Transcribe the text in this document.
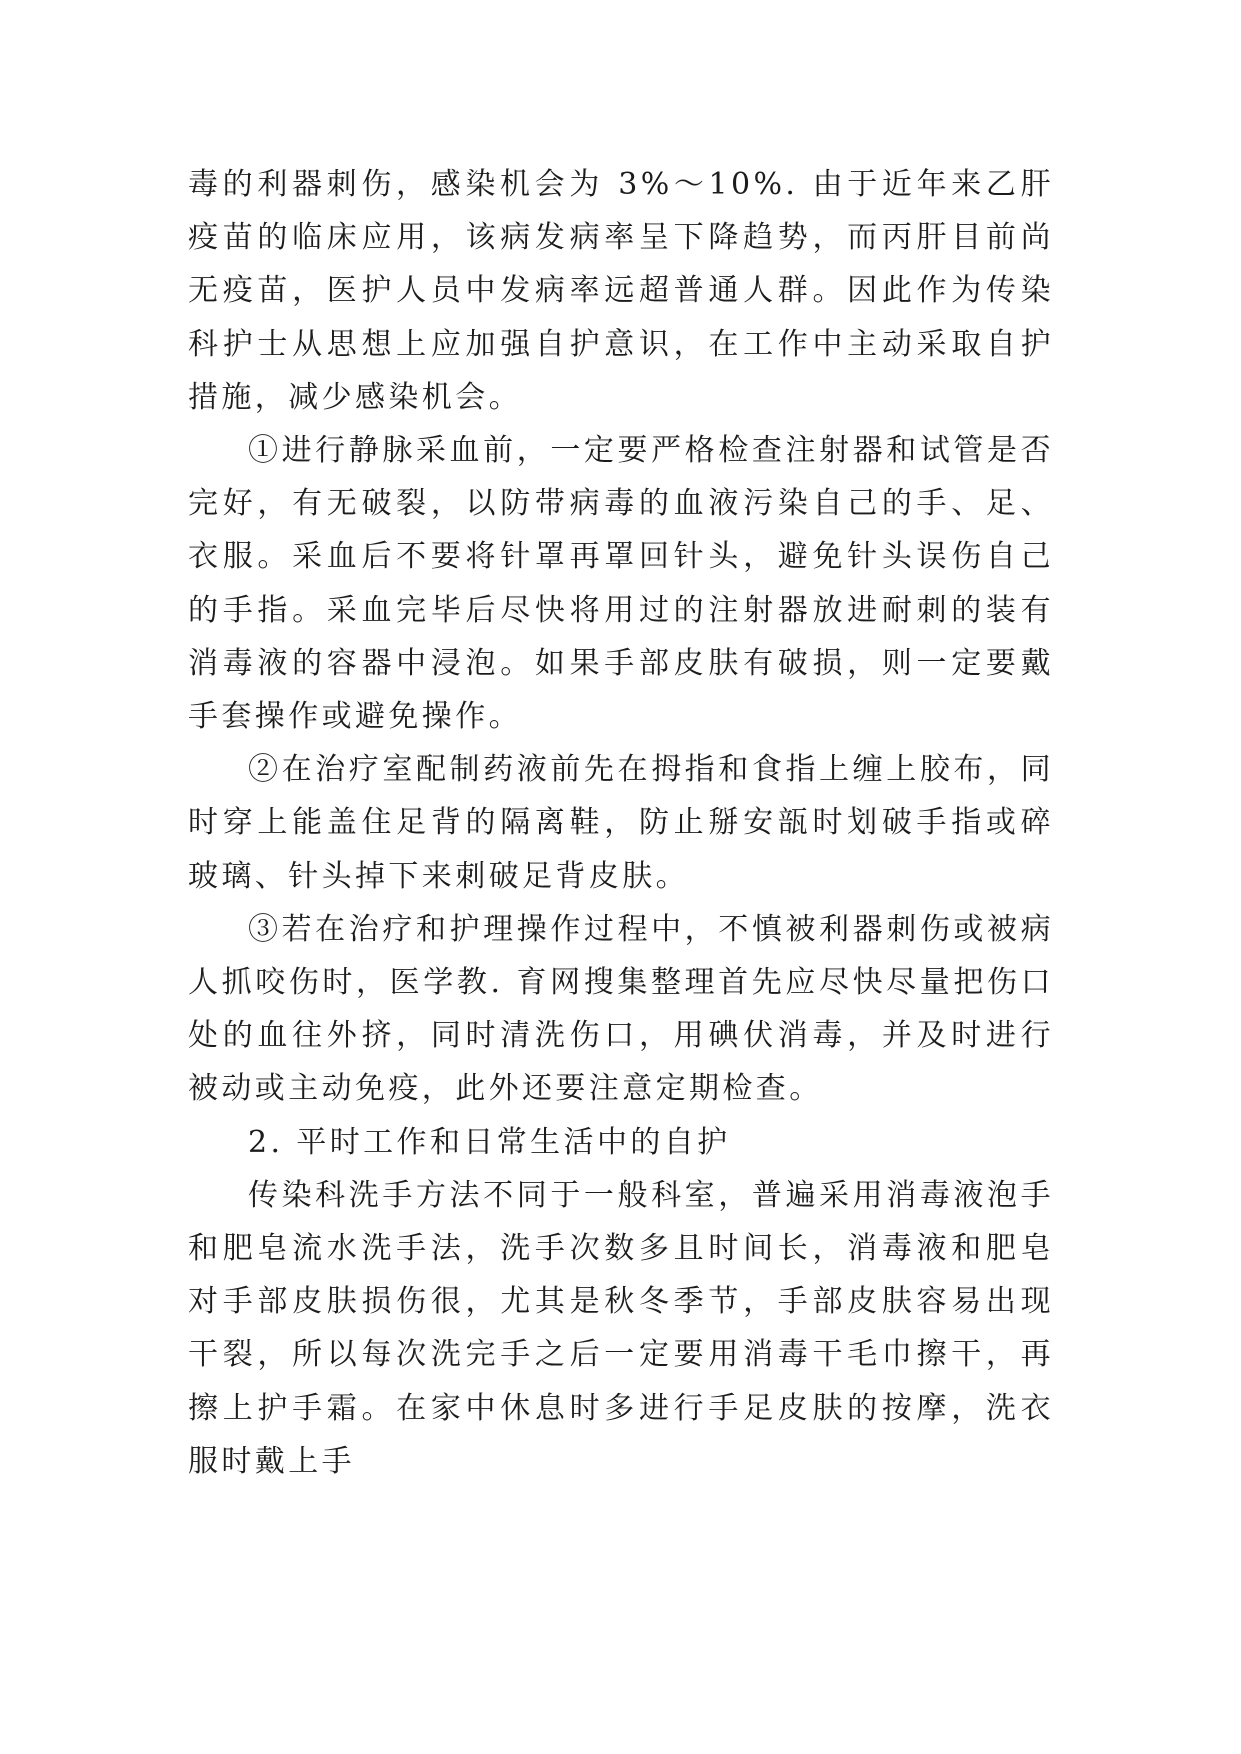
毒的利器刺伤，感染机会为 3%～10%. 由于近年来乙肝疫苗的临床应用，该病发病率呈下降趋势，而丙肝目前尚无疫苗，医护人员中发病率远超普通人群。因此作为传染科护士从思想上应加强自护意识，在工作中主动采取自护措施，减少感染机会。

①进行静脉采血前，一定要严格检查注射器和试管是否完好，有无破裂，以防带病毒的血液污染自己的手、足、衣服。采血后不要将针罩再罩回针头，避免针头误伤自己的手指。采血完毕后尽快将用过的注射器放进耐刺的装有消毒液的容器中浸泡。如果手部皮肤有破损，则一定要戴手套操作或避免操作。

②在治疗室配制药液前先在拇指和食指上缠上胶布，同时穿上能盖住足背的隔离鞋，防止掰安瓿时划破手指或碎玻璃、针头掉下来刺破足背皮肤。

③若在治疗和护理操作过程中，不慎被利器刺伤或被病人抓咬伤时，医学教. 育网搜集整理首先应尽快尽量把伤口处的血往外挤，同时清洗伤口，用碘伏消毒，并及时进行被动或主动免疫，此外还要注意定期检查。

2. 平时工作和日常生活中的自护

传染科洗手方法不同于一般科室，普遍采用消毒液泡手和肥皂流水洗手法，洗手次数多且时间长，消毒液和肥皂对手部皮肤损伤很，尤其是秋冬季节，手部皮肤容易出现干裂，所以每次洗完手之后一定要用消毒干毛巾擦干，再擦上护手霜。在家中休息时多进行手足皮肤的按摩，洗衣服时戴上手
